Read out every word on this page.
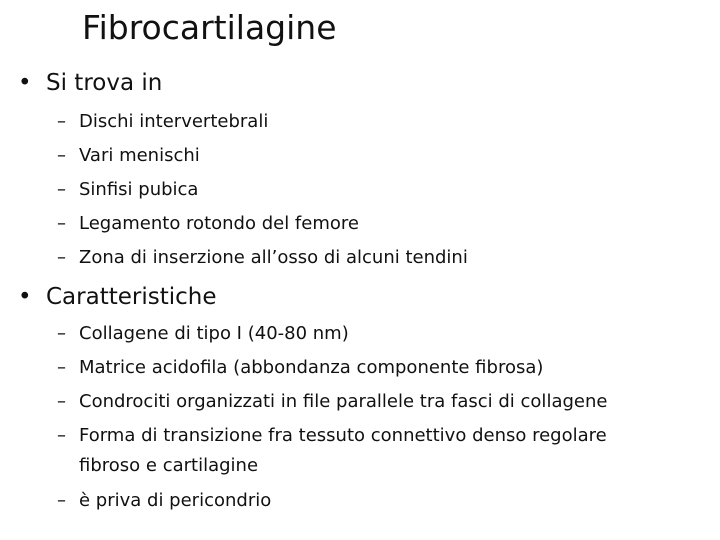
Fibrocartilagine
• Si trova in
– Dischi intervertebrali
– Vari menischi
– Sinfisi pubica
– Legamento rotondo del femore
– Zona di inserzione all’osso di alcuni tendini
• Caratteristiche
– Collagene di tipo I (40-80 nm)
– Matrice acidofila (abbondanza componente fibrosa)
– Condrociti organizzati in file parallele tra fasci di collagene
– Forma di transizione fra tessuto connettivo denso regolare
fibroso e cartilagine
– è priva di pericondrio
